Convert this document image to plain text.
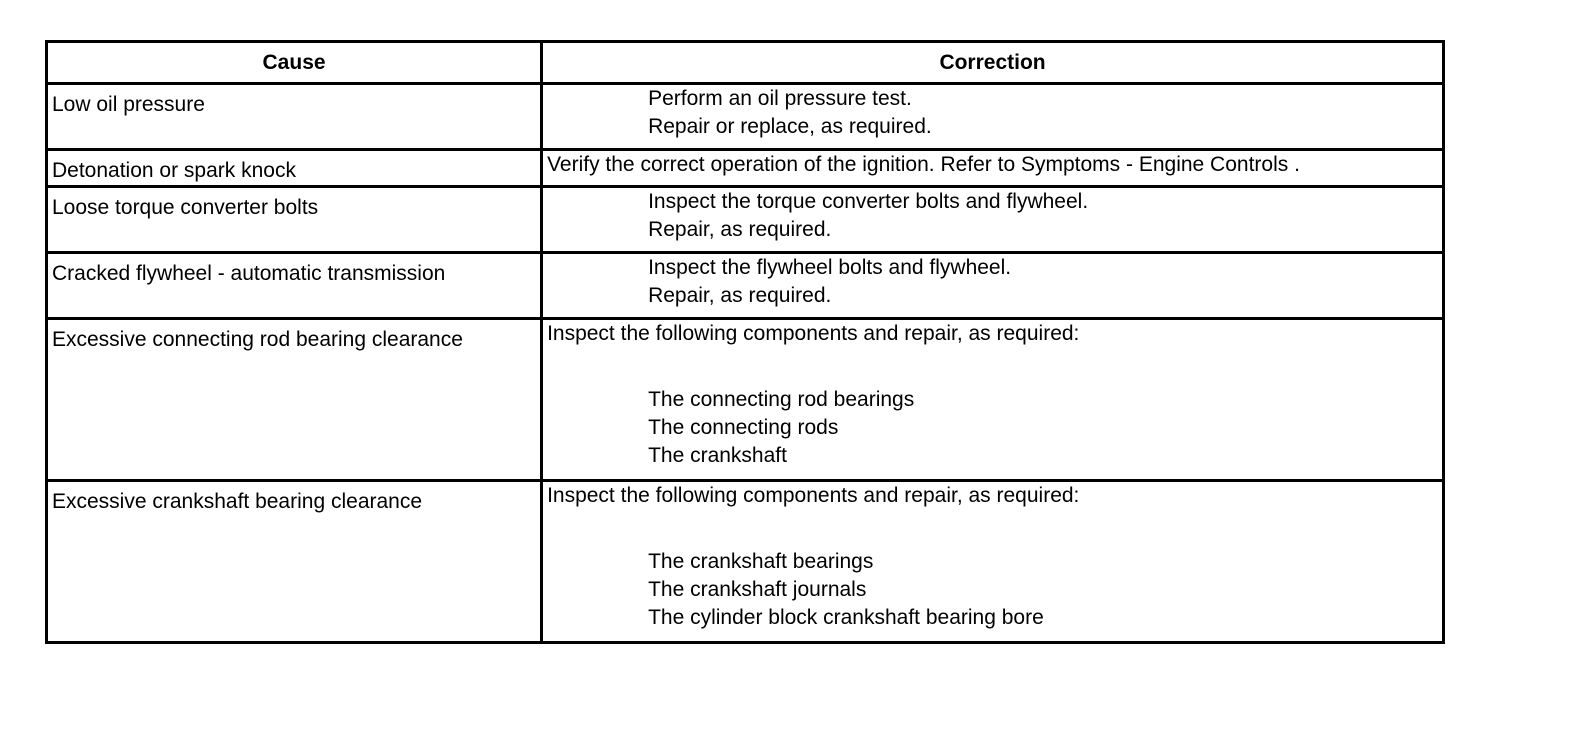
Cause	Correction

Low oil pressure	Perform an oil pressure test.
Repair or replace, as required.

Detonation or spark knock	Verify the correct operation of the ignition. Refer to Symptoms - Engine Controls .

Loose torque converter bolts	Inspect the torque converter bolts and flywheel.
Repair, as required.

Cracked flywheel - automatic transmission	Inspect the flywheel bolts and flywheel.
Repair, as required.

Excessive connecting rod bearing clearance	Inspect the following components and repair, as required:
The connecting rod bearings
The connecting rods
The crankshaft

Excessive crankshaft bearing clearance	Inspect the following components and repair, as required:
The crankshaft bearings
The crankshaft journals
The cylinder block crankshaft bearing bore
